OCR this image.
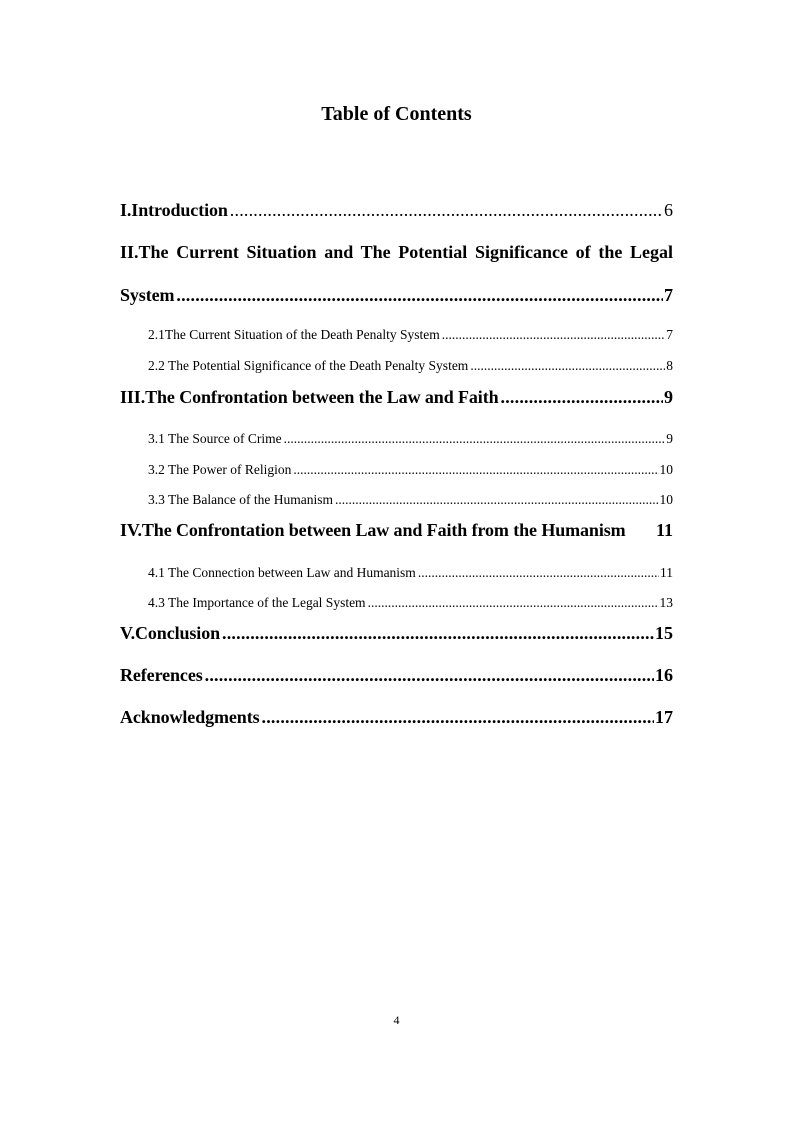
Table of Contents
I.Introduction .....	6
II.The Current Situation and The Potential Significance of the Legal
System .....	7
2.1The Current Situation of the Death Penalty System .....	7
2.2 The Potential Significance of the Death Penalty System .....	8
III.The Confrontation between the Law and Faith .....	9
3.1 The Source of Crime .....	9
3.2 The Power of Religion .....	10
3.3 The Balance of the Humanism .....	10
IV.The Confrontation between Law and Faith from the Humanism 11
4.1 The Connection between Law and Humanism .....	11
4.3 The Importance of the Legal System .....	13
V.Conclusion .....	15
References .....	16
Acknowledgments .....	17
4
